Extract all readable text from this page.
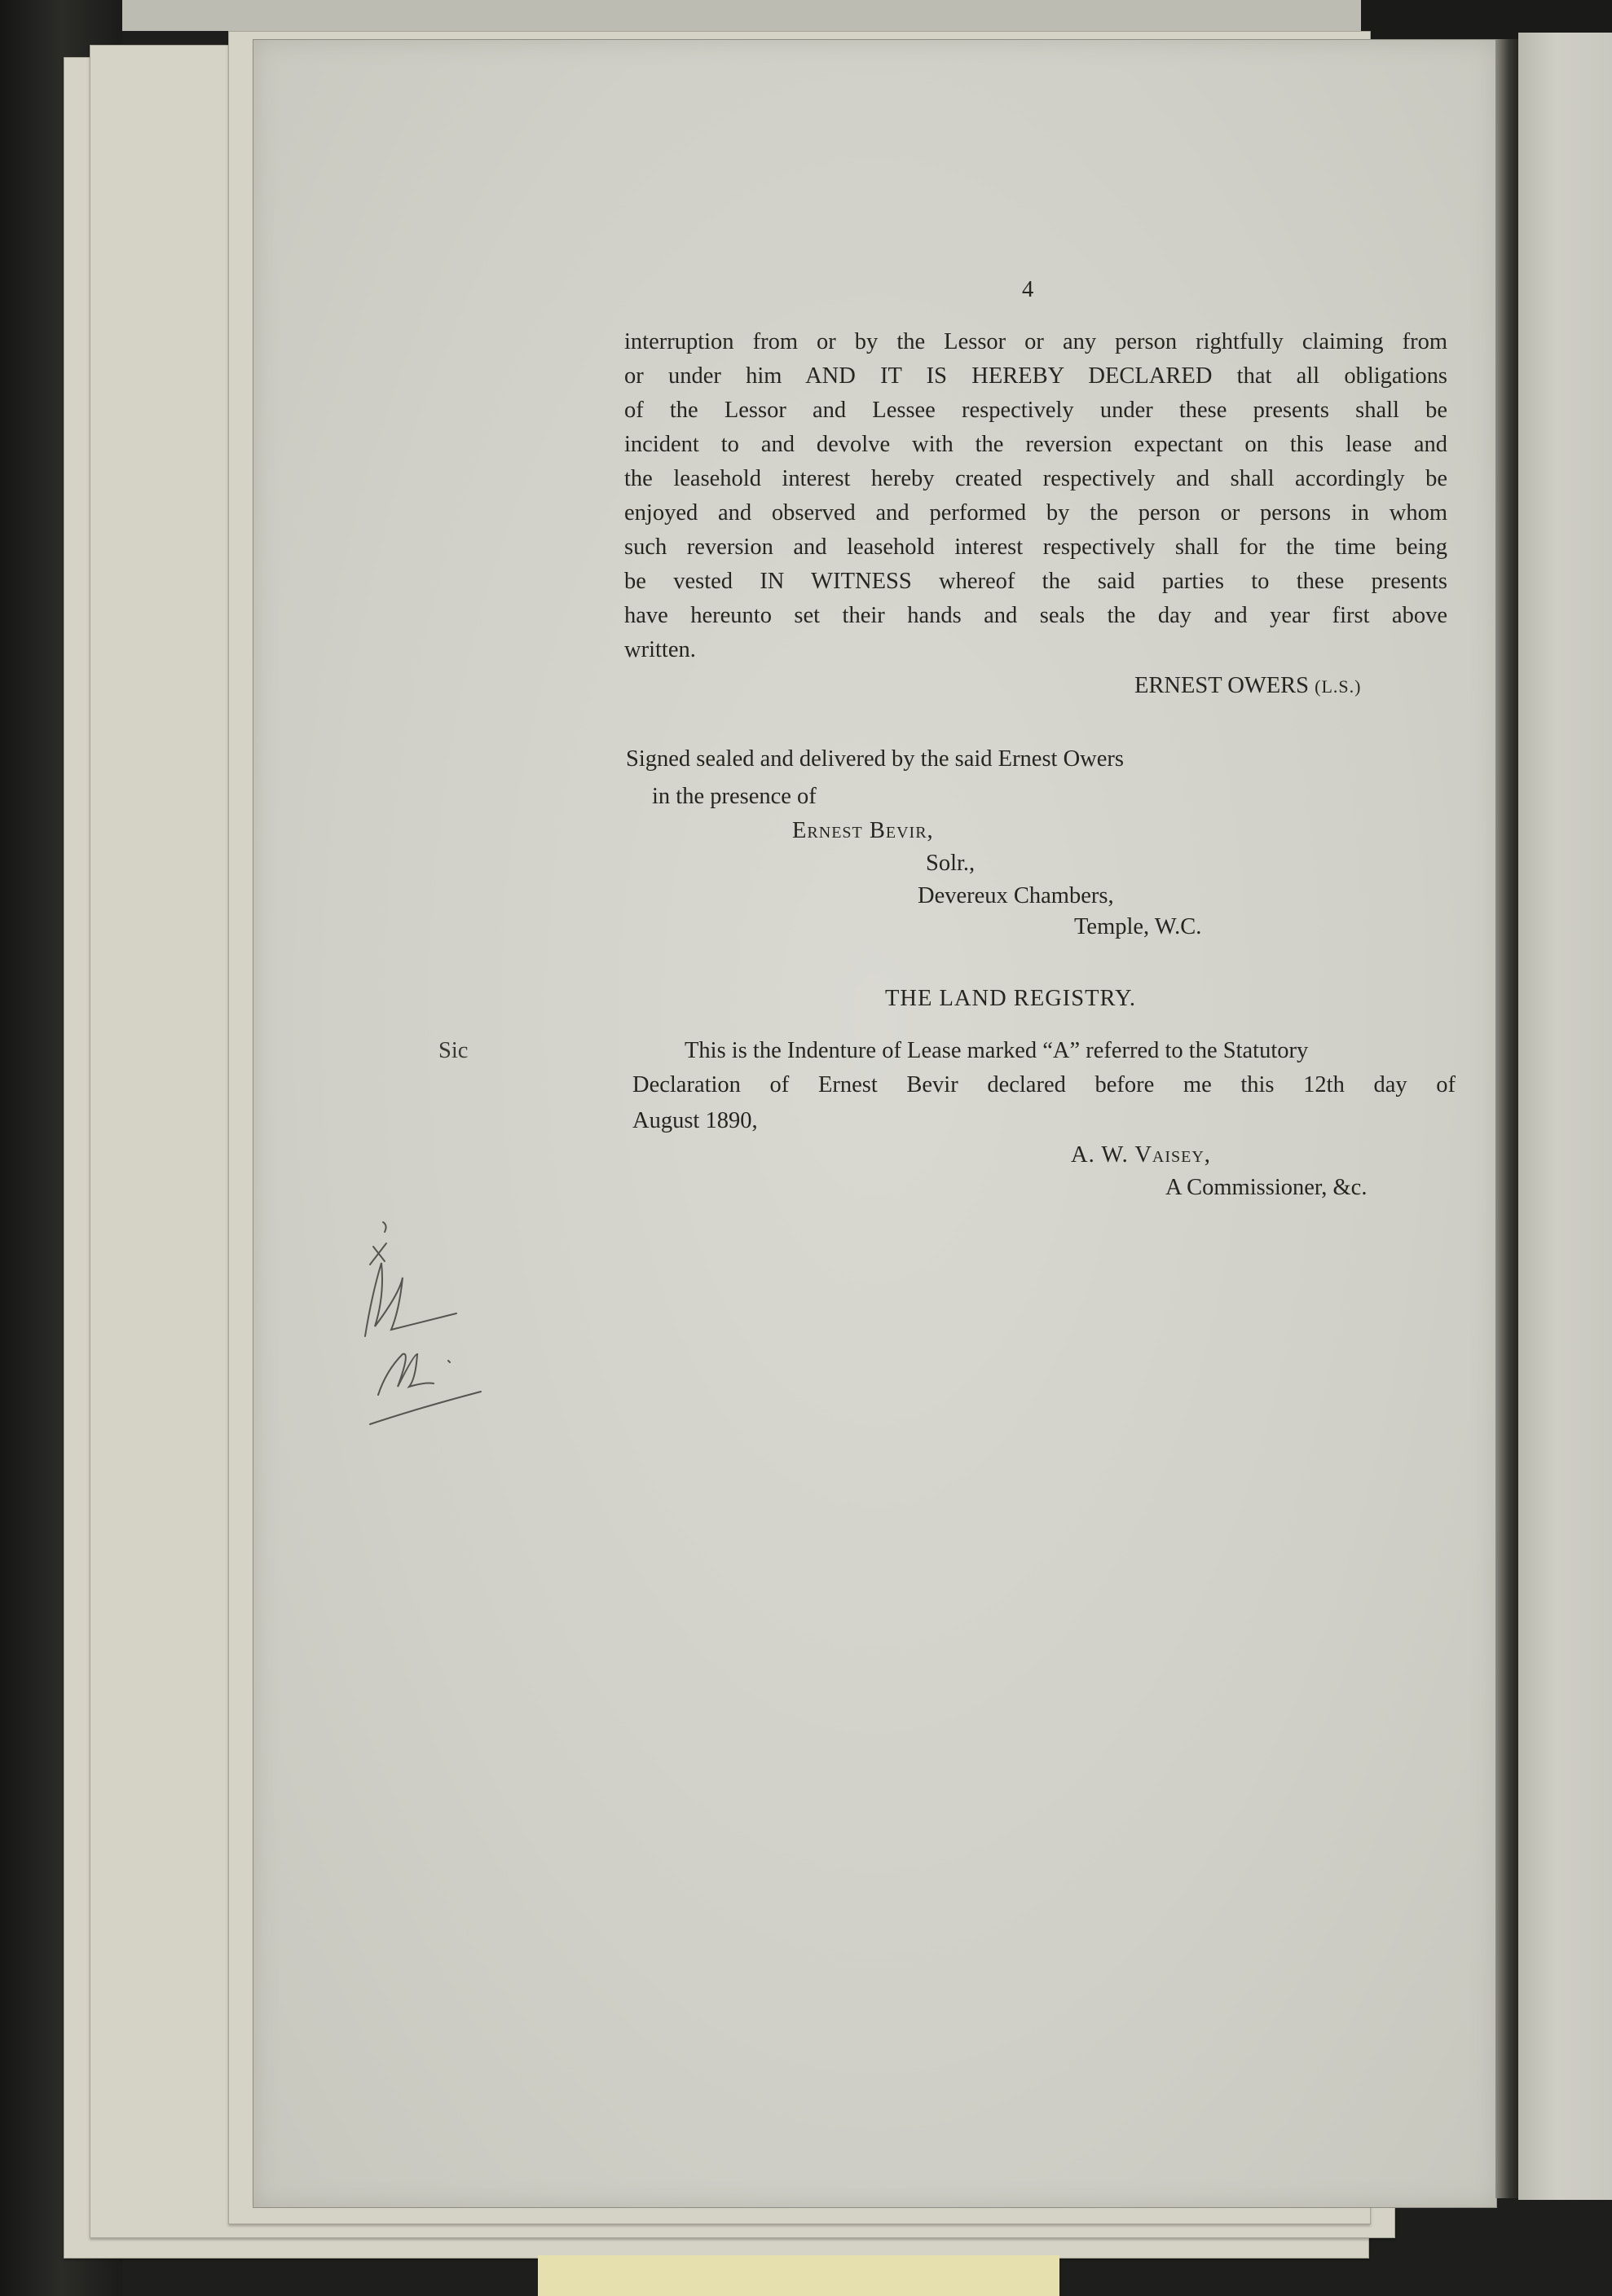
4
interruption from or by the Lessor or any person rightfully claiming from
or under him AND IT IS HEREBY DECLARED that all obligations
of the Lessor and Lessee respectively under these presents shall be
incident to and devolve with the reversion expectant on this lease and
the leasehold interest hereby created respectively and shall accordingly be
enjoyed and observed and performed by the person or persons in whom
such reversion and leasehold interest respectively shall for the time being
be vested IN WITNESS whereof the said parties to these presents
have hereunto set their hands and seals the day and year first above
written.
ERNEST OWERS (L.S.)
Signed sealed and delivered by the said Ernest Owers
in the presence of
Ernest Bevir,
Solr.,
Devereux Chambers,
Temple, W.C.
THE LAND REGISTRY.
Sic	This is the Indenture of Lease marked “A” referred to the Statutory
Declaration of Ernest Bevir declared before me this 12th day of
August 1890,
A. W. Vaisey,
A Commissioner, &c.
